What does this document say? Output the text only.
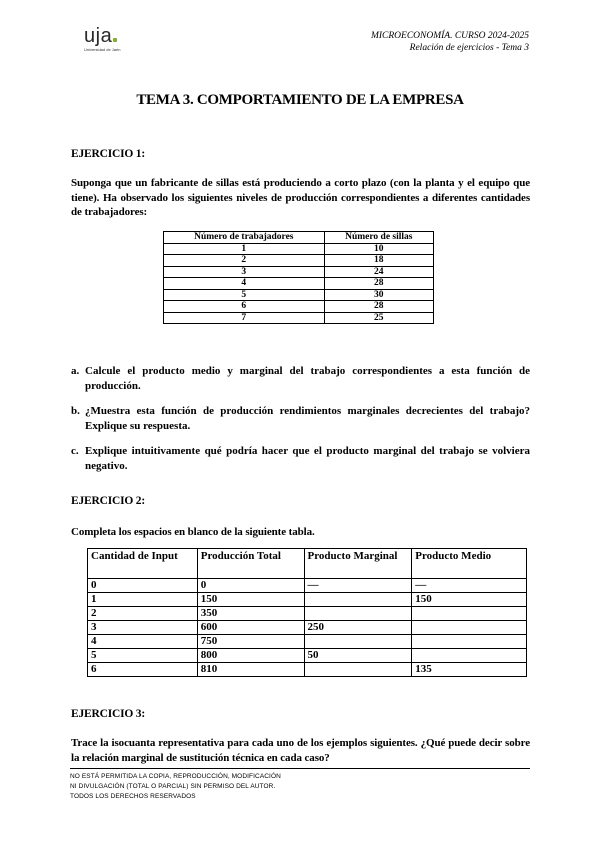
uja
Universidad de Jaén
MICROECONOMÍA. CURSO 2024-2025
Relación de ejercicios - Tema 3
TEMA 3. COMPORTAMIENTO DE LA EMPRESA
EJERCICIO 1:
Suponga que un fabricante de sillas está produciendo a corto plazo (con la planta y el equipo que tiene). Ha observado los siguientes niveles de producción correspondientes a diferentes cantidades de trabajadores:
Número de trabajadores	Número de sillas
1	10
2	18
3	24
4	28
5	30
6	28
7	25
a. Calcule el producto medio y marginal del trabajo correspondientes a esta función de producción.
b. ¿Muestra esta función de producción rendimientos marginales decrecientes del trabajo? Explique su respuesta.
c. Explique intuitivamente qué podría hacer que el producto marginal del trabajo se volviera negativo.
EJERCICIO 2:
Completa los espacios en blanco de la siguiente tabla.
Cantidad de Input	Producción Total	Producto Marginal	Producto Medio
0	0	—	—
1	150		150
2	350		
3	600	250	
4	750		
5	800	50	
6	810		135
EJERCICIO 3:
Trace la isocuanta representativa para cada uno de los ejemplos siguientes. ¿Qué puede decir sobre la relación marginal de sustitución técnica en cada caso?
NO ESTÁ PERMITIDA LA COPIA, REPRODUCCIÓN, MODIFICACIÓN
NI DIVULGACIÓN (TOTAL O PARCIAL) SIN PERMISO DEL AUTOR.
TODOS LOS DERECHOS RESERVADOS
